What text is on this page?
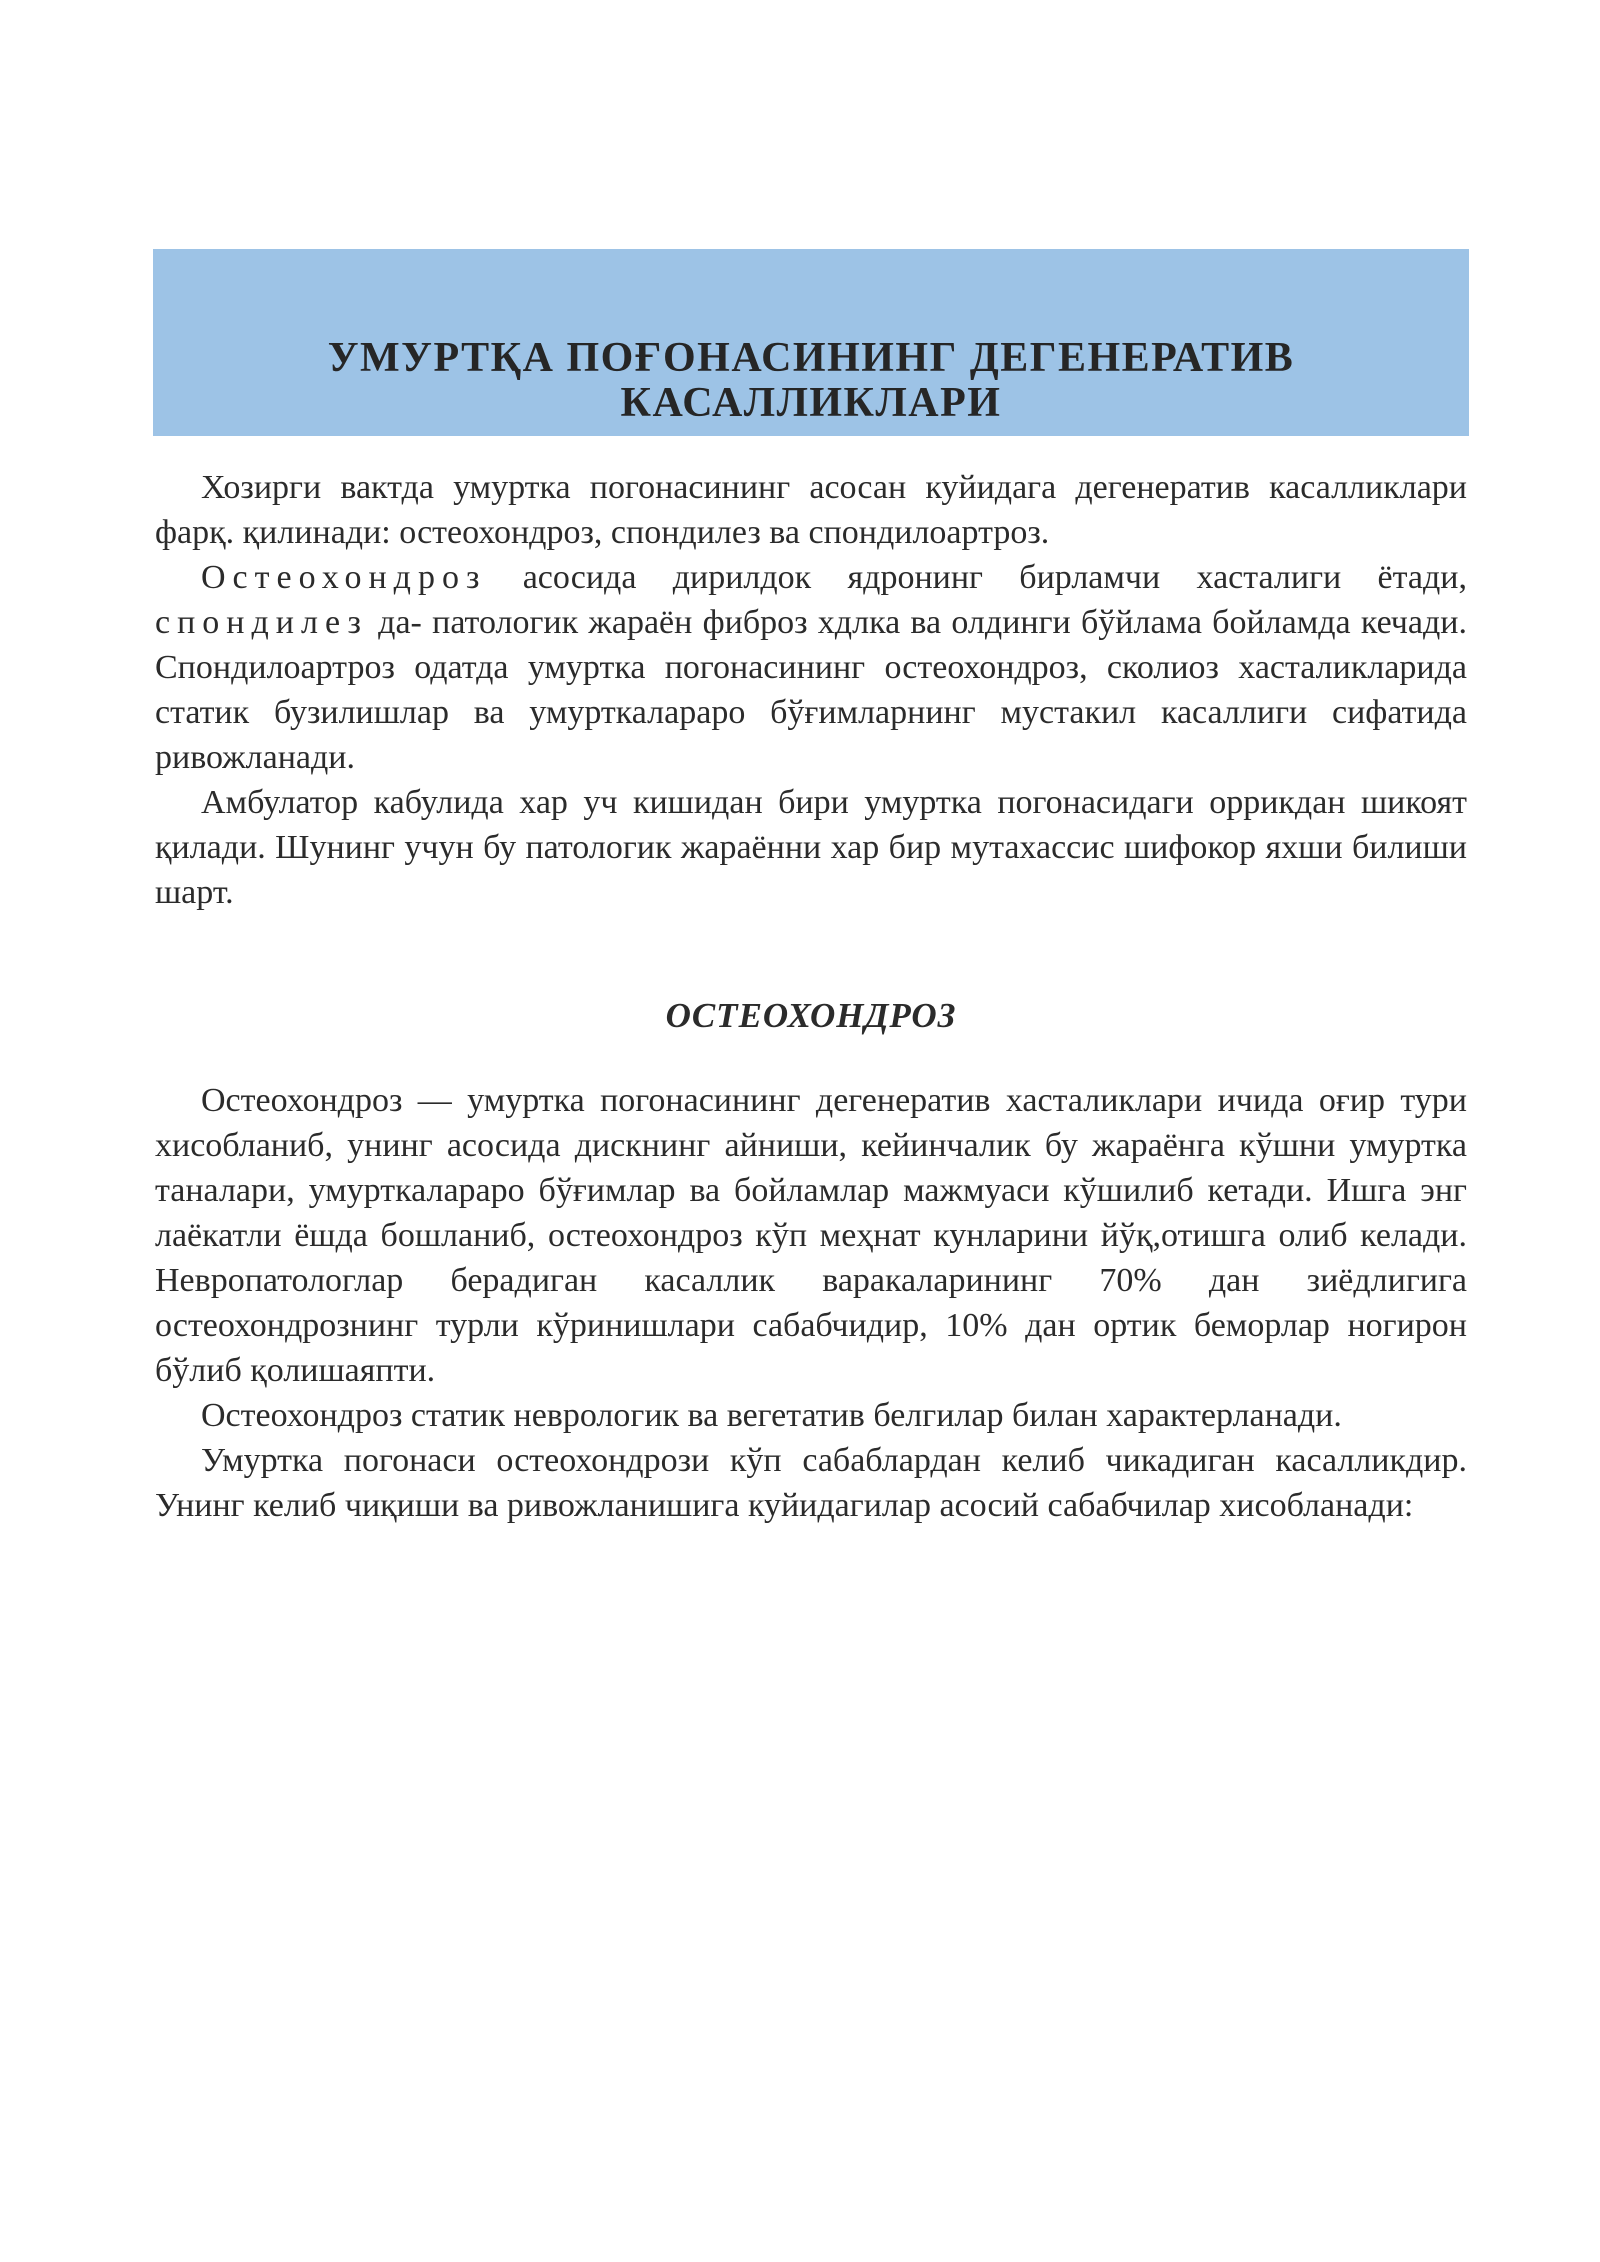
УМУРТҚА ПОҒОНАСИНИНГ ДЕГЕНЕРАТИВ КАСАЛЛИКЛАРИ

Хозирги вактда умуртка погонасининг асосан куйидага дегенератив касалликлари фарқ. қилинади: остеохондроз, спондилез ва спондилоартроз.

Остеохондроз асосида дирилдок ядронинг бирламчи хасталиги ётади, спондилез да- патологик жараён фиброз хдлка ва олдинги бўйлама бойламда кечади. Спондилоартроз одатда умуртка погонасининг остеохондроз, сколиоз хасталикларида статик бузилишлар ва умурткалараро бўғимларнинг мустакил касаллиги сифатида ривожланади.

Амбулатор кабулида хар уч кишидан бири умуртка погонасидаги оррикдан шикоят қилади. Шунинг учун бу патологик жараённи хар бир мутахассис шифокор яхши билиши шарт.

ОСТЕОХОНДРОЗ

Остеохондроз — умуртка погонасининг дегенератив хасталиклари ичида оғир тури хисобланиб, унинг асосида дискнинг айниши, кейинчалик бу жараёнга кўшни умуртка таналари, умурткалараро бўғимлар ва бойламлар мажмуаси кўшилиб кетади. Ишга энг лаёкатли ёшда бошланиб, остеохондроз кўп меҳнат кунларини йўқ,отишга олиб келади. Невропатологлар берадиган касаллик варакаларининг 70% дан зиёдлигига остеохондрознинг турли кўринишлари сабабчидир, 10% дан ортик беморлар ногирон бўлиб қолишаяпти.

Остеохондроз статик неврологик ва вегетатив белгилар билан характерланади.

Умуртка погонаси остеохондрози кўп сабаблардан келиб чикадиган касалликдир. Унинг келиб чиқиши ва ривожланишига куйидагилар асосий сабабчилар хисобланади:
